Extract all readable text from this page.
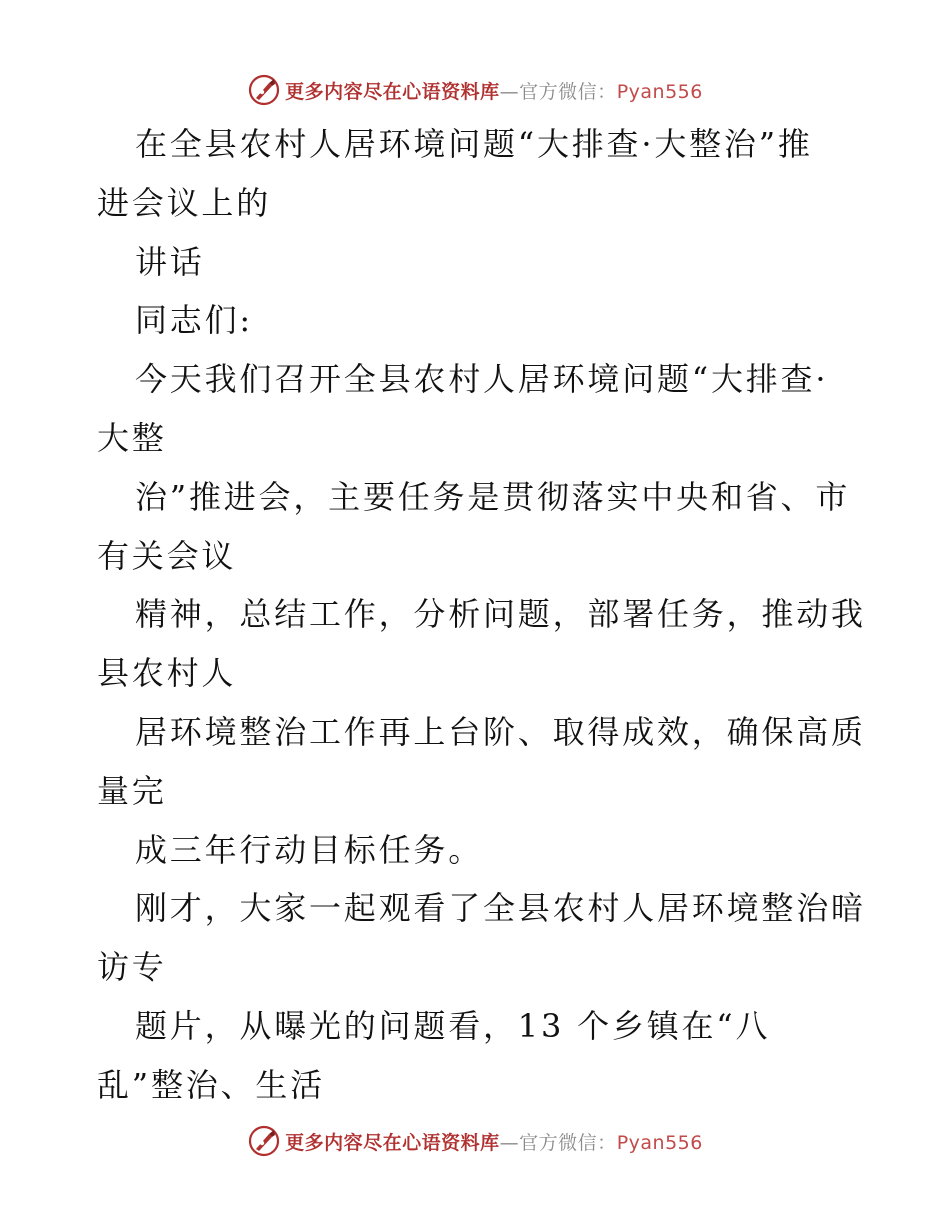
更多内容尽在心语资料库—官方微信：Pyan556
在全县农村人居环境问题“大排查·大整治”推
进会议上的
讲话
同志们:
今天我们召开全县农村人居环境问题“大排查·
大整
治”推进会，主要任务是贯彻落实中央和省、市
有关会议
精神，总结工作，分析问题，部署任务，推动我
县农村人
居环境整治工作再上台阶、取得成效，确保高质
量完
成三年行动目标任务。
刚才，大家一起观看了全县农村人居环境整治暗
访专
题片，从曝光的问题看，13 个乡镇在“八
乱”整治、生活
更多内容尽在心语资料库—官方微信：Pyan556
